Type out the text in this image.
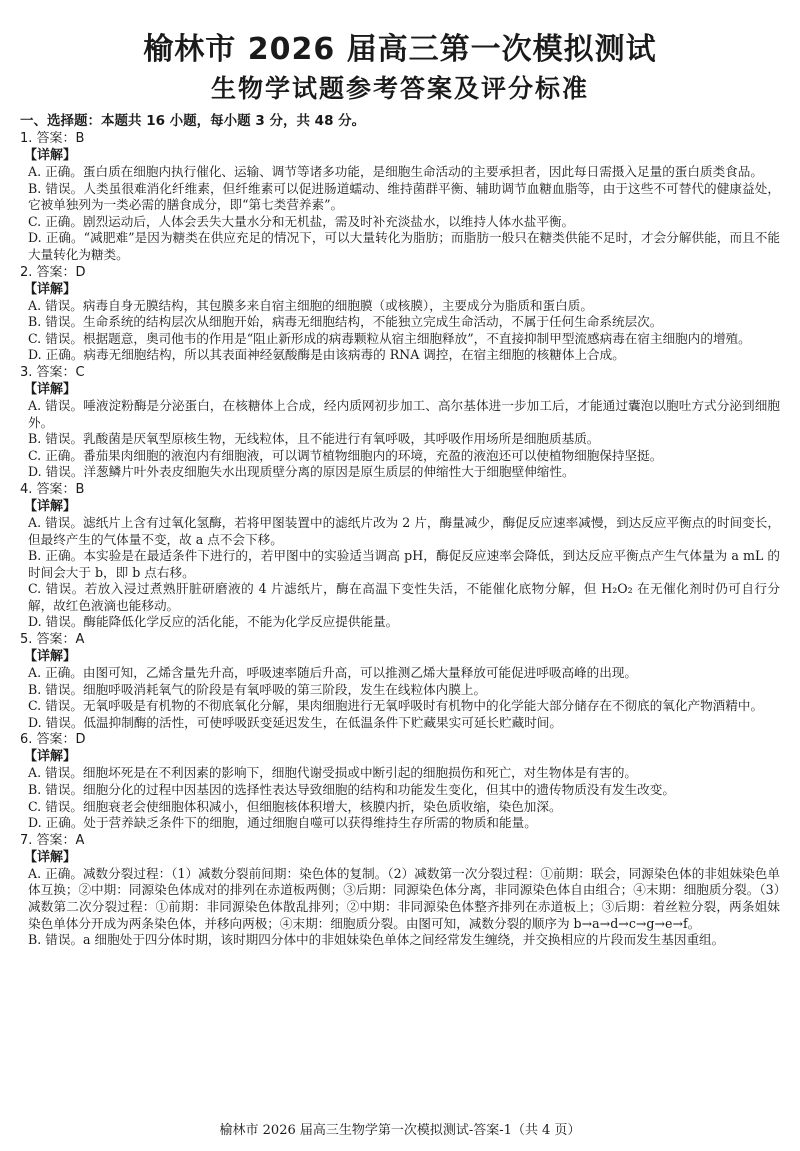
榆林市 2026 届高三第一次模拟测试
生物学试题参考答案及评分标准
一、选择题：本题共 16 小题，每小题 3 分，共 48 分。
1. 答案：B
【详解】

A. 正确。蛋白质在细胞内执行催化、运输、调节等诸多功能，是细胞生命活动的主要承担者，因此每日需摄入足量的蛋白质类食品。

B. 错误。人类虽很难消化纤维素，但纤维素可以促进肠道蠕动、维持菌群平衡、辅助调节血糖血脂等，由于这些不可替代的健康益处，它被单独列为一类必需的膳食成分，即“第七类营养素”。

C. 正确。剧烈运动后，人体会丢失大量水分和无机盐，需及时补充淡盐水，以维持人体水盐平衡。

D. 正确。“减肥难”是因为糖类在供应充足的情况下，可以大量转化为脂肪；而脂肪一般只在糖类供能不足时，才会分解供能，而且不能大量转化为糖类。

2. 答案：D
【详解】

A. 错误。病毒自身无膜结构，其包膜多来自宿主细胞的细胞膜（或核膜），主要成分为脂质和蛋白质。

B. 错误。生命系统的结构层次从细胞开始，病毒无细胞结构，不能独立完成生命活动，不属于任何生命系统层次。

C. 错误。根据题意，奥司他韦的作用是“阻止新形成的病毒颗粒从宿主细胞释放”，不直接抑制甲型流感病毒在宿主细胞内的增殖。

D. 正确。病毒无细胞结构，所以其表面神经氨酸酶是由该病毒的 RNA 调控，在宿主细胞的核糖体上合成。

3. 答案：C
【详解】

A. 错误。唾液淀粉酶是分泌蛋白，在核糖体上合成，经内质网初步加工、高尔基体进一步加工后，才能通过囊泡以胞吐方式分泌到细胞外。

B. 错误。乳酸菌是厌氧型原核生物，无线粒体，且不能进行有氧呼吸，其呼吸作用场所是细胞质基质。

C. 正确。番茄果肉细胞的液泡内有细胞液，可以调节植物细胞内的环境，充盈的液泡还可以使植物细胞保持坚挺。

D. 错误。洋葱鳞片叶外表皮细胞失水出现质壁分离的原因是原生质层的伸缩性大于细胞壁伸缩性。

4. 答案：B
【详解】

A. 错误。滤纸片上含有过氧化氢酶，若将甲图装置中的滤纸片改为 2 片，酶量减少，酶促反应速率减慢，到达反应平衡点的时间变长，但最终产生的气体量不变，故 a 点不会下移。

B. 正确。本实验是在最适条件下进行的，若甲图中的实验适当调高 pH，酶促反应速率会降低，到达反应平衡点产生气体量为 a mL 的时间会大于 b，即 b 点右移。

C. 错误。若放入浸过煮熟肝脏研磨液的 4 片滤纸片，酶在高温下变性失活，不能催化底物分解，但 H₂O₂ 在无催化剂时仍可自行分解，故红色液滴也能移动。

D. 错误。酶能降低化学反应的活化能，不能为化学反应提供能量。

5. 答案：A
【详解】

A. 正确。由图可知，乙烯含量先升高，呼吸速率随后升高，可以推测乙烯大量释放可能促进呼吸高峰的出现。

B. 错误。细胞呼吸消耗氧气的阶段是有氧呼吸的第三阶段，发生在线粒体内膜上。

C. 错误。无氧呼吸是有机物的不彻底氧化分解，果肉细胞进行无氧呼吸时有机物中的化学能大部分储存在不彻底的氧化产物酒精中。

D. 错误。低温抑制酶的活性，可使呼吸跃变延迟发生，在低温条件下贮藏果实可延长贮藏时间。

6. 答案：D
【详解】

A. 错误。细胞坏死是在不利因素的影响下，细胞代谢受损或中断引起的细胞损伤和死亡，对生物体是有害的。

B. 错误。细胞分化的过程中因基因的选择性表达导致细胞的结构和功能发生变化，但其中的遗传物质没有发生改变。

C. 错误。细胞衰老会使细胞体积减小，但细胞核体积增大，核膜内折，染色质收缩，染色加深。

D. 正确。处于营养缺乏条件下的细胞，通过细胞自噬可以获得维持生存所需的物质和能量。

7. 答案：A
【详解】

A. 正确。减数分裂过程：（1）减数分裂前间期：染色体的复制。（2）减数第一次分裂过程：①前期：联会，同源染色体的非姐妹染色单体互换；②中期：同源染色体成对的排列在赤道板两侧；③后期：同源染色体分离，非同源染色体自由组合；④末期：细胞质分裂。（3）减数第二次分裂过程：①前期：非同源染色体散乱排列；②中期：非同源染色体整齐排列在赤道板上；③后期：着丝粒分裂，两条姐妹染色单体分开成为两条染色体，并移向两极；④末期：细胞质分裂。由图可知，减数分裂的顺序为 b→a→d→c→g→e→f。

B. 错误。a 细胞处于四分体时期，该时期四分体中的非姐妹染色单体之间经常发生缠绕，并交换相应的片段而发生基因重组。

榆林市 2026 届高三生物学第一次模拟测试-答案-1（共 4 页）
